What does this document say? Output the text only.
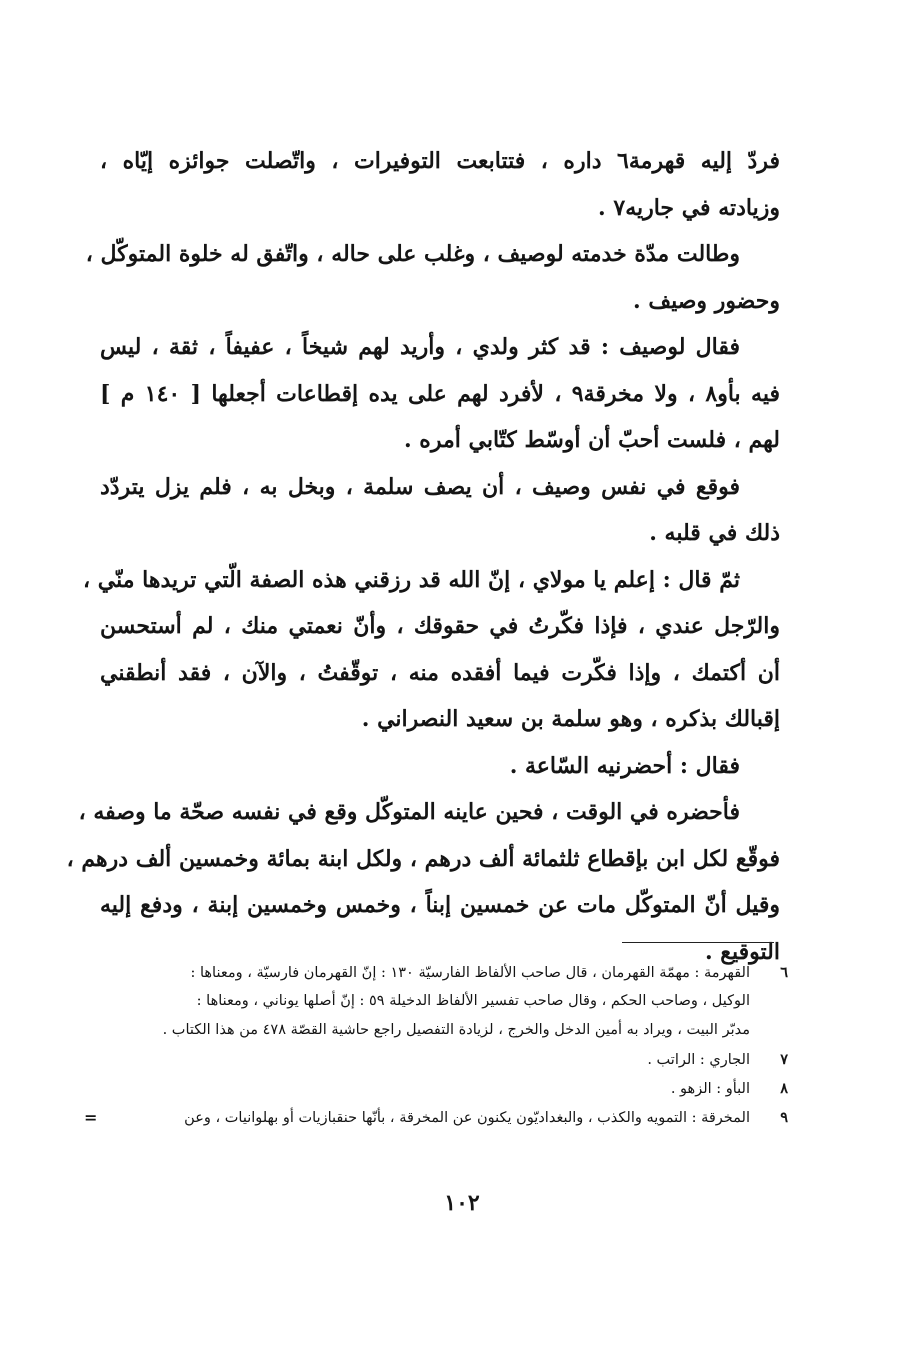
فردّ إليه قهرمة٦ داره ، فتتابعت التوفيرات ، واتّصلت جوائزه إيّاه ،
وزيادته في جاريه٧ .
وطالت مدّة خدمته لوصيف ، وغلب على حاله ، واتّفق له خلوة المتوكّل ،
وحضور وصيف .
فقال لوصيف : قد كثر ولدي ، وأريد لهم شيخاً ، عفيفاً ، ثقة ، ليس
فيه بأو٨ ، ولا مخرقة٩ ، لأفرد لهم على يده إقطاعات أجعلها [ ١٤٠ م ]
لهم ، فلست أحبّ أن أوسّط كتّابي أمره .
فوقع في نفس وصيف ، أن يصف سلمة ، وبخل به ، فلم يزل يتردّد
ذلك في قلبه .
ثمّ قال : إعلم يا مولاي ، إنّ الله قد رزقني هذه الصفة الّتي تريدها منّي ،
والرّجل عندي ، فإذا فكّرتُ في حقوقك ، وأنّ نعمتي منك ، لم أستحسن
أن أكتمك ، وإذا فكّرت فيما أفقده منه ، توقّفتُ ، والآن ، فقد أنطقني
إقبالك بذكره ، وهو سلمة بن سعيد النصراني .
فقال : أحضرنيه السّاعة .
فأحضره في الوقت ، فحين عاينه المتوكّل وقع في نفسه صحّة ما وصفه ،
فوقّع لكل ابن بإقطاع ثلثمائة ألف درهم ، ولكل ابنة بمائة وخمسين ألف درهم ،
وقيل أنّ المتوكّل مات عن خمسين إبناً ، وخمس وخمسين إبنة ، ودفع إليه
التوقيع .
٦القهرمة : مهمّة القهرمان ، قال صاحب الألفاظ الفارسيّة ١٣٠ : إنّ القهرمان فارسيّة ، ومعناها :
الوكيل ، وصاحب الحكم ، وقال صاحب تفسير الألفاظ الدخيلة ٥٩ : إنّ أصلها يوناني ، ومعناها :
مدبّر البيت ، ويراد به أمين الدخل والخرج ، لزيادة التفصيل راجع حاشية القصّة ٤٧٨ من هذا الكتاب .
٧الجاري : الراتب .
٨البأو : الزهو .
٩المخرقة : التمويه والكذب ، والبغداديّون يكنون عن المخرقة ، بأنّها حنقبازيات أو بهلوانيات ، وعن
=
١٠٢
